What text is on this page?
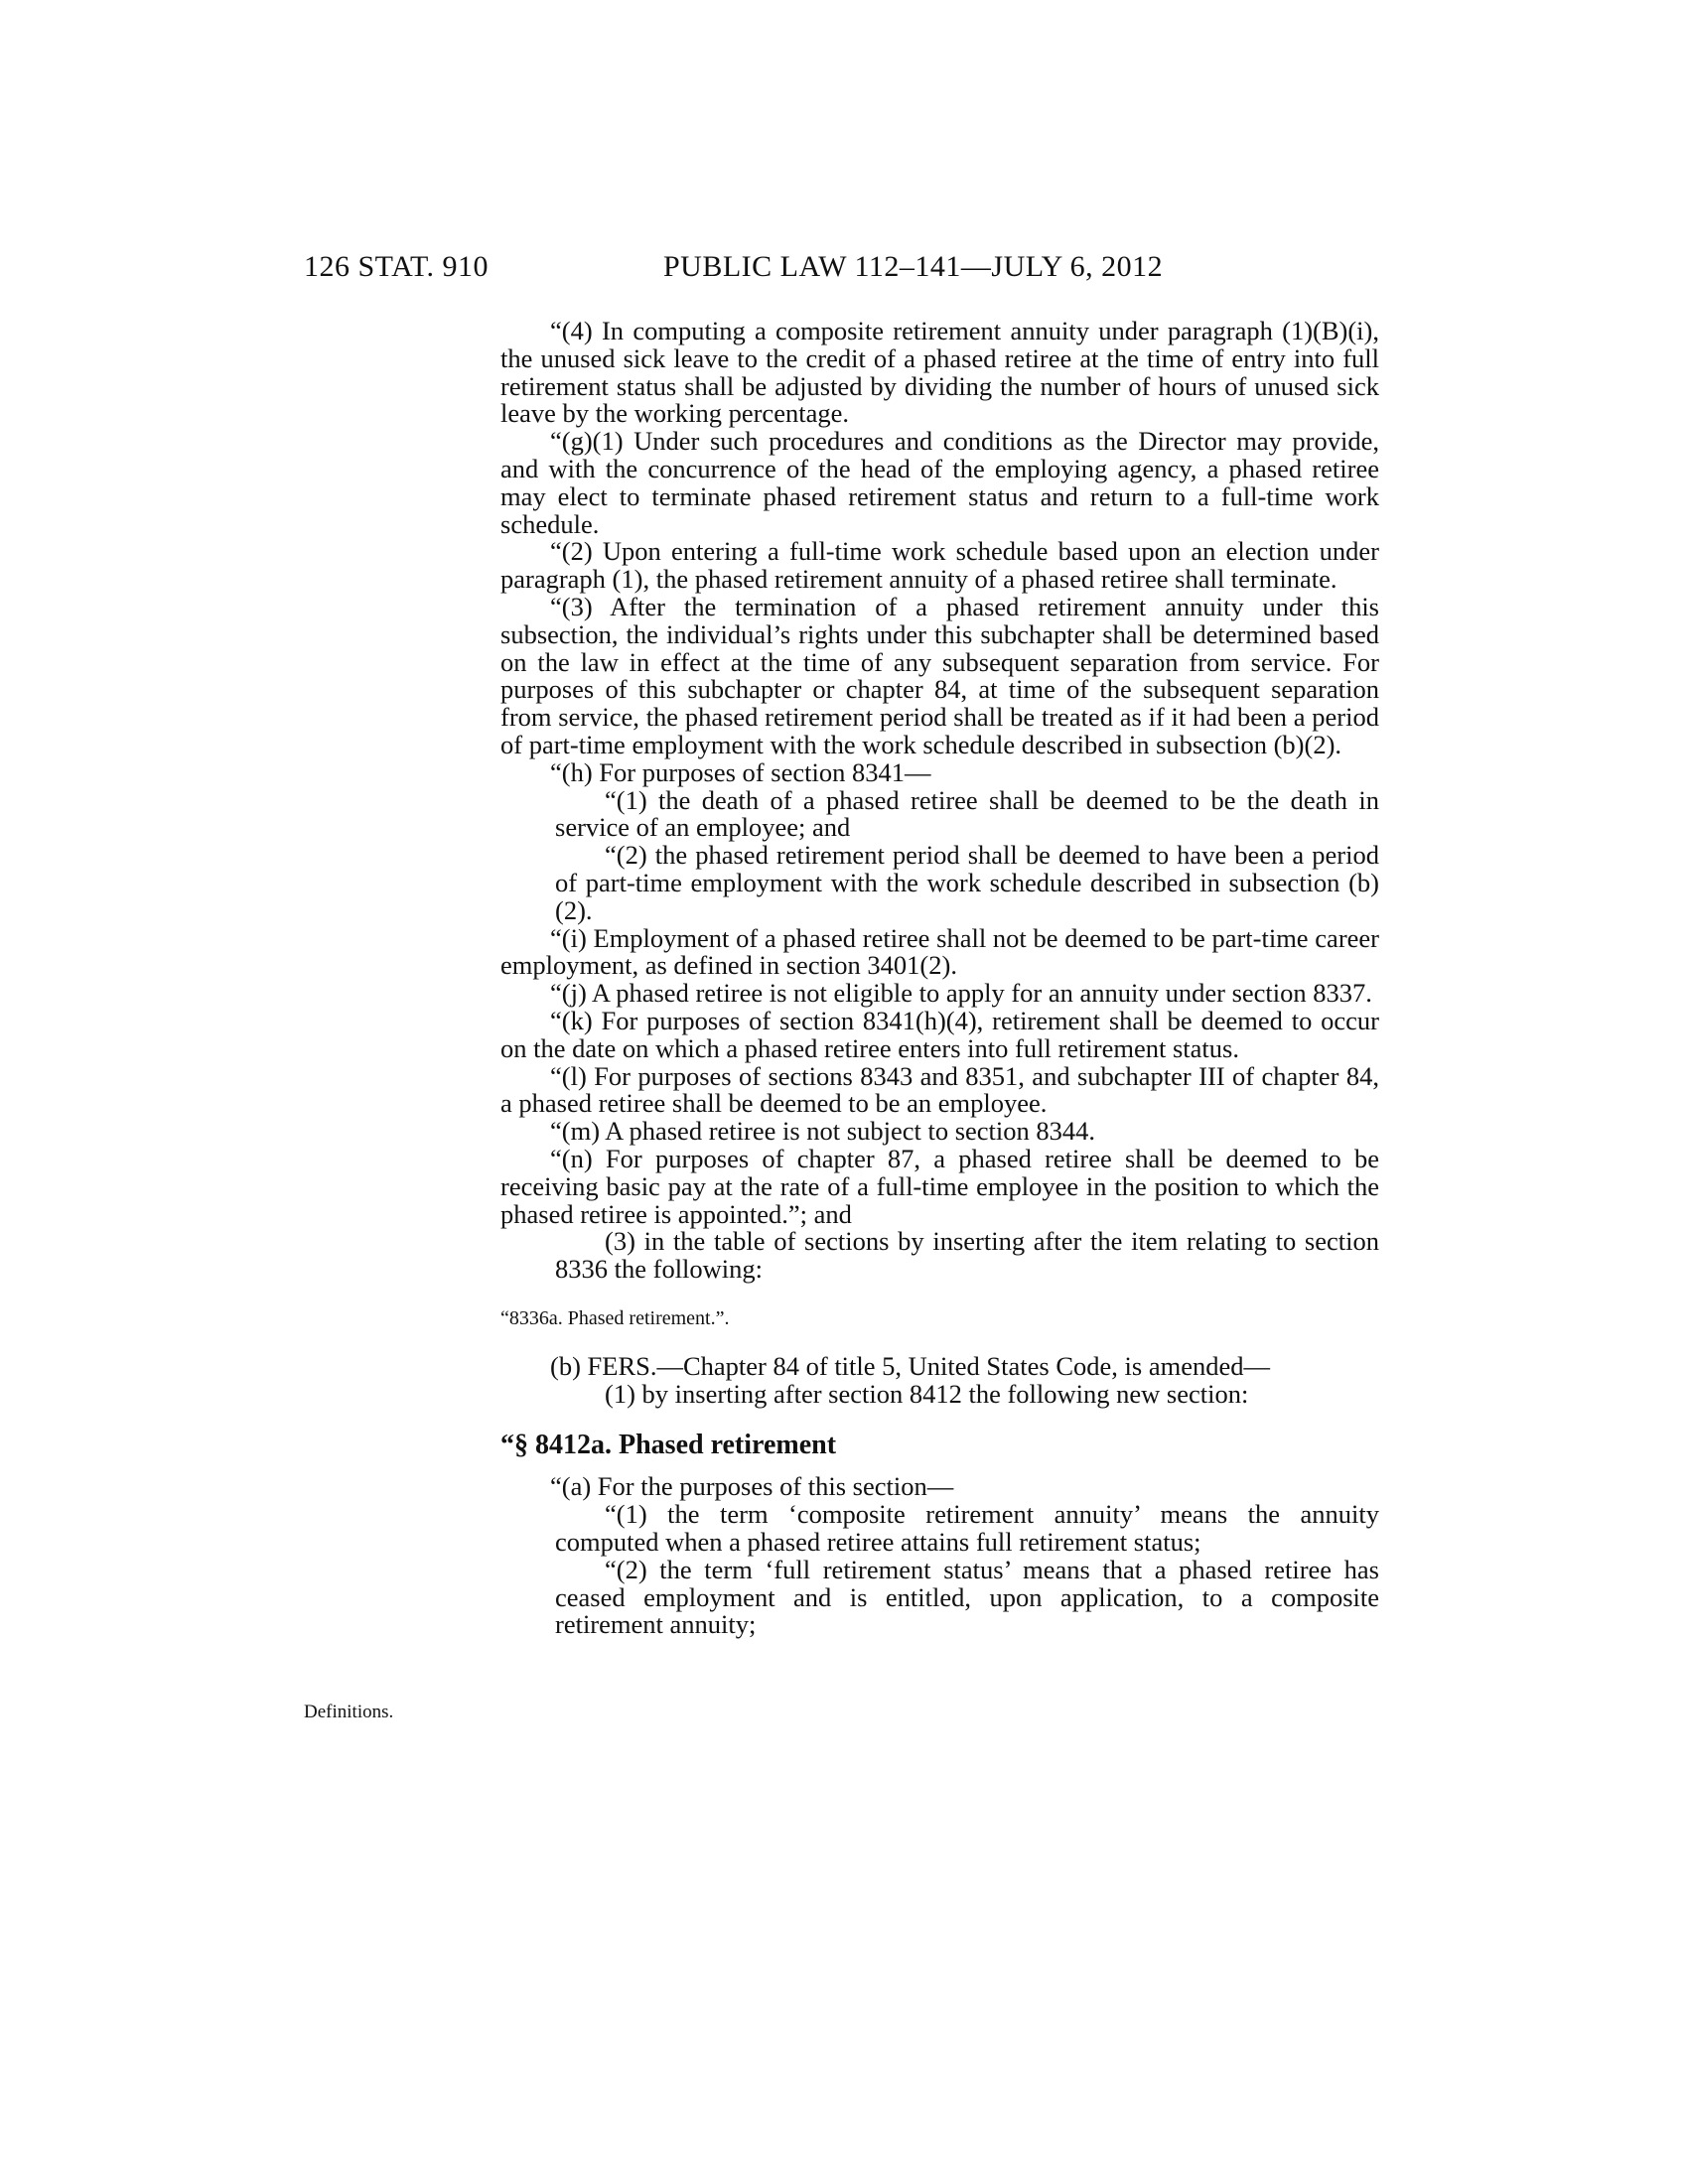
126 STAT. 910	PUBLIC LAW 112–141—JULY 6, 2012
Definitions.

“(4) In computing a composite retirement annuity under paragraph (1)(B)(i), the unused sick leave to the credit of a phased retiree at the time of entry into full retirement status shall be adjusted by dividing the number of hours of unused sick leave by the working percentage.

“(g)(1) Under such procedures and conditions as the Director may provide, and with the concurrence of the head of the employing agency, a phased retiree may elect to terminate phased retirement status and return to a full-time work schedule.

“(2) Upon entering a full-time work schedule based upon an election under paragraph (1), the phased retirement annuity of a phased retiree shall terminate.

“(3) After the termination of a phased retirement annuity under this subsection, the individual’s rights under this subchapter shall be determined based on the law in effect at the time of any subsequent separation from service. For purposes of this subchapter or chapter 84, at time of the subsequent separation from service, the phased retirement period shall be treated as if it had been a period of part-time employment with the work schedule described in subsection (b)(2).

“(h) For purposes of section 8341—

“(1) the death of a phased retiree shall be deemed to be the death in service of an employee; and

“(2) the phased retirement period shall be deemed to have been a period of part-time employment with the work schedule described in subsection (b)(2).

“(i) Employment of a phased retiree shall not be deemed to be part-time career employment, as defined in section 3401(2).

“(j) A phased retiree is not eligible to apply for an annuity under section 8337.

“(k) For purposes of section 8341(h)(4), retirement shall be deemed to occur on the date on which a phased retiree enters into full retirement status.

“(l) For purposes of sections 8343 and 8351, and subchapter III of chapter 84, a phased retiree shall be deemed to be an employee.

“(m) A phased retiree is not subject to section 8344.

“(n) For purposes of chapter 87, a phased retiree shall be deemed to be receiving basic pay at the rate of a full-time employee in the position to which the phased retiree is appointed.”; and

(3) in the table of sections by inserting after the item relating to section 8336 the following:

“8336a. Phased retirement.”.

(b) FERS.—Chapter 84 of title 5, United States Code, is amended—

(1) by inserting after section 8412 the following new section:

“§ 8412a. Phased retirement

“(a) For the purposes of this section—

“(1) the term ‘composite retirement annuity’ means the annuity computed when a phased retiree attains full retirement status;

“(2) the term ‘full retirement status’ means that a phased retiree has ceased employment and is entitled, upon application, to a composite retirement annuity;
